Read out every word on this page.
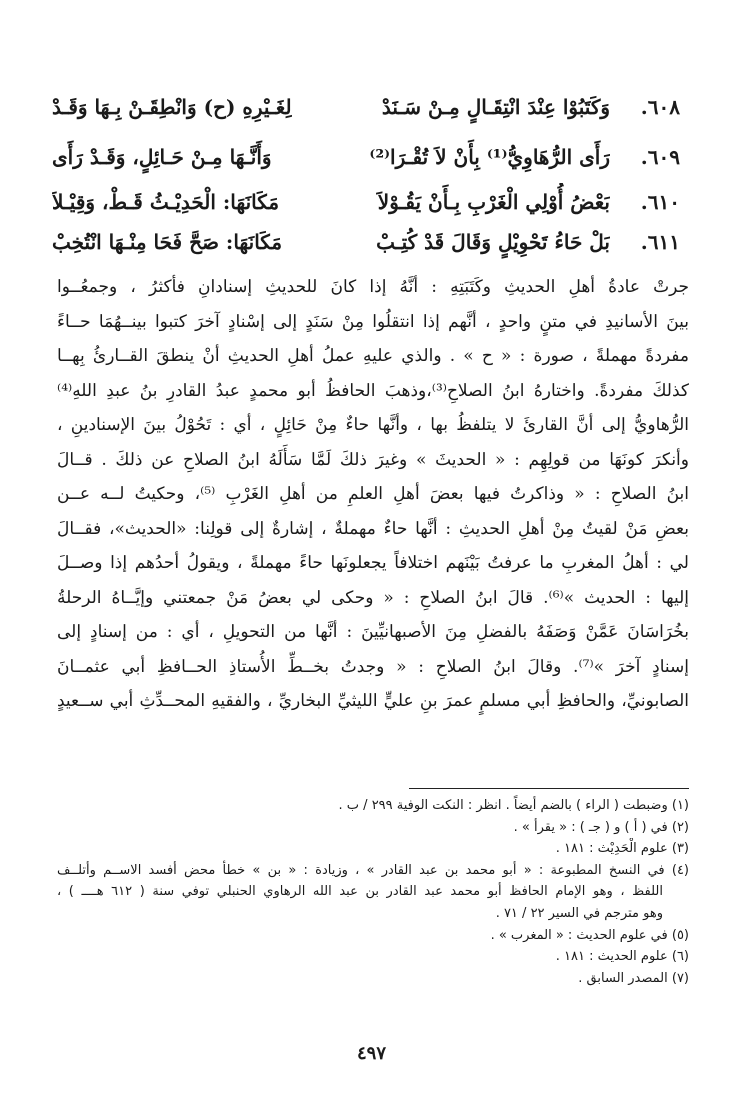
٦٠٨.
وَكَتَبُوْا عِنْدَ انْتِقَـالٍ مِـنْ سَـنَدْ
لِغَـيْرِهِ (ح) وَانْطِقَـنْ بِـهَا وَقَـدْ
٦٠٩.
رَأَى الرُّهَاوِيُّ⁽¹⁾ بِأَنْ لاَ تُقْـرَا⁽²⁾
وَأَنَّـهَا مِـنْ حَـائِلٍ، وَقَـدْ رَأَى
٦١٠.
بَعْضُ أُوْلِي الْغَرْبِ بِـأَنْ يَقُـوْلاَ
مَكَانَهَا: الْحَدِيْـثُ قَـطْ، وَقِيْـلاَ
٦١١.
بَلْ حَاءُ تَحْوِيْلٍ وَقَالَ قَدْ كُتِـبْ
مَكَانَهَا: صَحَّ فَحَا مِنْـهَا انْتُخِبْ
جرتْ عادةُ أهلِ الحديثِ وكَتَبَتِهِ : أنَّهُ إذا كانَ للحديثِ إسنادانِ فأكثرُ ، وجمعُــوا
بينَ الأسانيدِ في متنٍ واحدٍ ، أنَّهم إذا انتقلُوا مِنْ سَنَدٍ إلى إسْنادٍ آخرَ كتبوا بينــهُمَا حــاءً
مفردةً مهملةً ، صورة : « ح » . والذي عليهِ عملُ أهلِ الحديثِ أنْ ينطقَ القــارئُ بِهــا
كذلكَ مفردةً. واختارهُ ابنُ الصلاحِ⁽³⁾،وذهبَ الحافظُ أبو محمدٍ عبدُ القادرِ بنُ عبدِ اللهِ⁽⁴⁾
الرُّهاويُّ إلى أنَّ القارئَ لا يتلفظُ بها ، وأنَّها حاءٌ مِنْ حَائِلٍ ، أي : تَحُوْلُ بينَ الإسنادينِ ،
وأنكرَ كونَهَا من قولِهِم : « الحديثَ » وغيرَ ذلكَ لَمَّا سَأَلَهُ ابنُ الصلاحِ عن ذلكَ . قــالَ
ابنُ الصلاحِ : « وذاكرتُ فيها بعضَ أهلِ العلمِ من أهلِ الغَرْبِ ⁽⁵⁾، وحكيتُ لــه عــن
بعضِ مَنْ لقيتُ مِنْ أهلِ الحديثِ : أنَّها حاءٌ مهملةٌ ، إشارةٌ إلى قولِنا: «الحديث»، فقــالَ
لي : أهلُ المغربِ ما عرفتُ بَيْنَهم اختلافاً يجعلونَها حاءً مهملةً ، ويقولُ أحدُهم إذا وصــلَ
إليها : الحديث »⁽⁶⁾. قالَ ابنُ الصلاحِ : « وحكى لي بعضُ مَنْ جمعتني وإيَّــاهُ الرحلةُ
بخُرَاسَانَ عَمَّنْ وَصَفَهُ بالفضلِ مِنَ الأصبهانيِّينَ : أنَّها من التحويلِ ، أي : من إسنادٍ إلى
إسنادٍ آخرَ »⁽⁷⁾. وقالَ ابنُ الصلاحِ : « وجدتُ بخــطِّ الأُستاذِ الحــافظِ أبي عثمــانَ
الصابونيِّ، والحافظِ أبي مسلمٍ عمرَ بنِ عليٍّ الليثيِّ البخاريِّ ، والفقيهِ المحــدِّثِ أبي ســعيدٍ
(١) وضبطت ( الراء ) بالضم أيضاً . انظر : النكت الوفية ٢٩٩ / ب .
(٢) في ( أ ) و ( جـ ) : « يقرأ » .
(٣) علوم الْحَدِيْث : ١٨١ .
(٤) في النسخ المطبوعة : « أبو محمد بن عبد القادر » ، وزيادة : « بن » خطأ محض أفسد الاســم وأتلــف
اللفظ ، وهو الإمام الحافظ أبو محمد عبد القادر بن عبد الله الرهاوي الحنبلي توفي سنة ( ٦١٢ هــــ ) ،
وهو مترجم في السير ٢٢ / ٧١ .
(٥) في علوم الحديث : « المغرب » .
(٦) علوم الحديث : ١٨١ .
(٧) المصدر السابق .
٤٩٧
